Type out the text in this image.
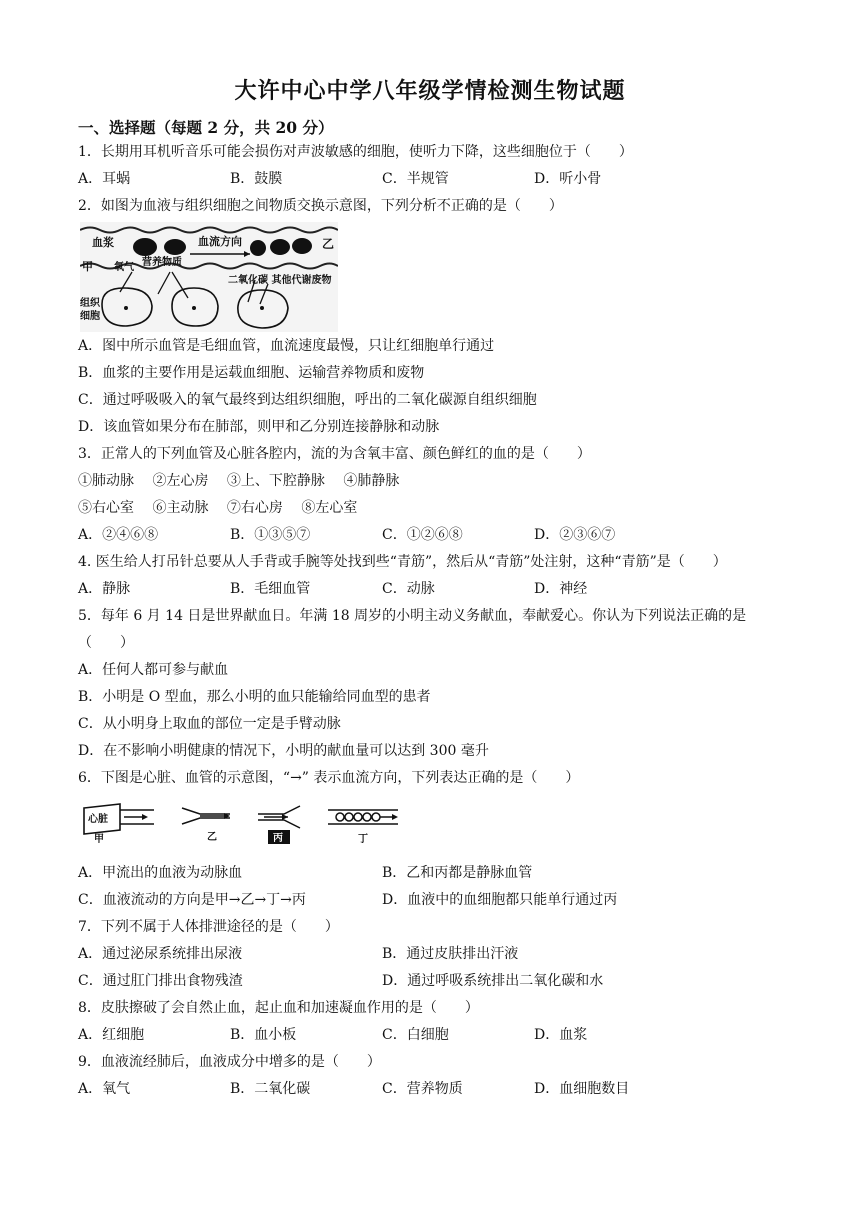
大许中心中学八年级学情检测生物试题
一、选择题（每题 2 分，共 20 分）
1．长期用耳机听音乐可能会损伤对声波敏感的细胞，使听力下降，这些细胞位于（　　）
A．耳蜗	B．鼓膜	C．半规管	D．听小骨
2．如图为血液与组织细胞之间物质交换示意图，下列分析不正确的是（　　）
血浆	血流方向	乙
甲 氧气 营养物质
二氧化碳 其他代谢废物
组织
细胞
A．图中所示血管是毛细血管，血流速度最慢，只让红细胞单行通过
B．血浆的主要作用是运载血细胞、运输营养物质和废物
C．通过呼吸吸入的氧气最终到达组织细胞，呼出的二氧化碳源自组织细胞
D．该血管如果分布在肺部，则甲和乙分别连接静脉和动脉
3．正常人的下列血管及心脏各腔内，流的为含氧丰富、颜色鲜红的血的是（　　）
①肺动脉　 ②左心房　 ③上、下腔静脉　 ④肺静脉
⑤右心室　 ⑥主动脉　 ⑦右心房　 ⑧左心室
A．②④⑥⑧	B．①③⑤⑦	C．①②⑥⑧	D．②③⑥⑦
4. 医生给人打吊针总要从人手背或手腕等处找到些“青筋”，然后从“青筋”处注射，这种“青筋”是（　　）
A．静脉	B．毛细血管	C．动脉	D．神经
5．每年 6 月 14 日是世界献血日。年满 18 周岁的小明主动义务献血，奉献爱心。你认为下列说法正确的是
（　　）
A．任何人都可参与献血
B．小明是 O 型血，那么小明的血只能输给同血型的患者
C．从小明身上取血的部位一定是手臂动脉
D．在不影响小明健康的情况下，小明的献血量可以达到 300 毫升
6．下图是心脏、血管的示意图，“→” 表示血流方向，下列表达正确的是（　　）
心脏
甲	乙	丙	丁
A．甲流出的血液为动脉血	B．乙和丙都是静脉血管
C．血液流动的方向是甲→乙→丁→丙	D．血液中的血细胞都只能单行通过丙
7．下列不属于人体排泄途径的是（　　）
A．通过泌尿系统排出尿液	B．通过皮肤排出汗液
C．通过肛门排出食物残渣	D．通过呼吸系统排出二氧化碳和水
8．皮肤擦破了会自然止血，起止血和加速凝血作用的是（　　）
A．红细胞	B．血小板	C．白细胞	D．血浆
9．血液流经肺后，血液成分中增多的是（　　）
A．氧气	B．二氧化碳	C．营养物质	D．血细胞数目
